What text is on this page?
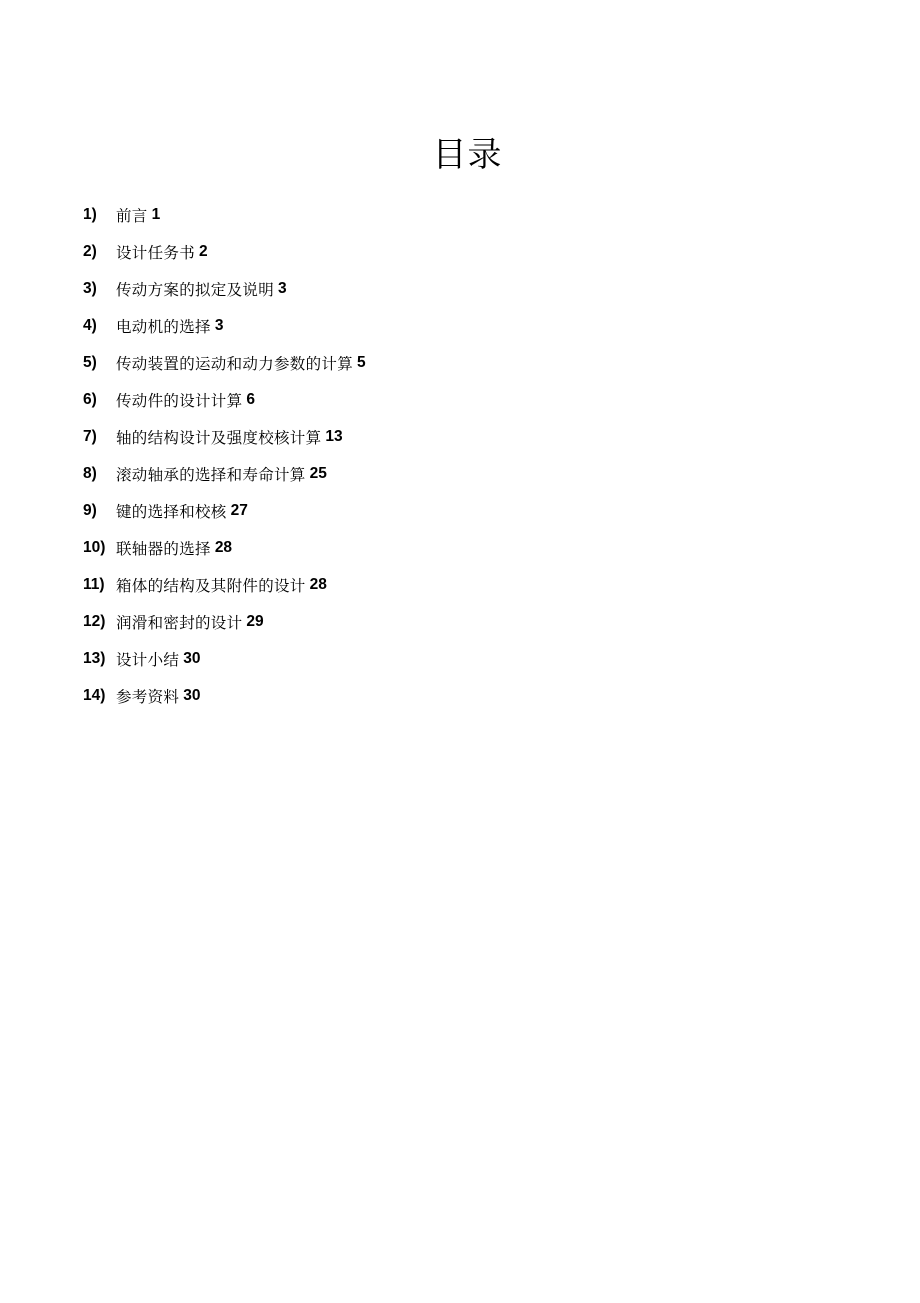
目录
1)	前言 1
2)	设计任务书 2
3)	传动方案的拟定及说明 3
4)	电动机的选择 3
5)	传动装置的运动和动力参数的计算 5
6)	传动件的设计计算 6
7)	轴的结构设计及强度校核计算 13
8)	滚动轴承的选择和寿命计算 25
9)	键的选择和校核 27
10) 联轴器的选择 28
11) 箱体的结构及其附件的设计 28
12) 润滑和密封的设计 29
13) 设计小结 30
14) 参考资料 30
